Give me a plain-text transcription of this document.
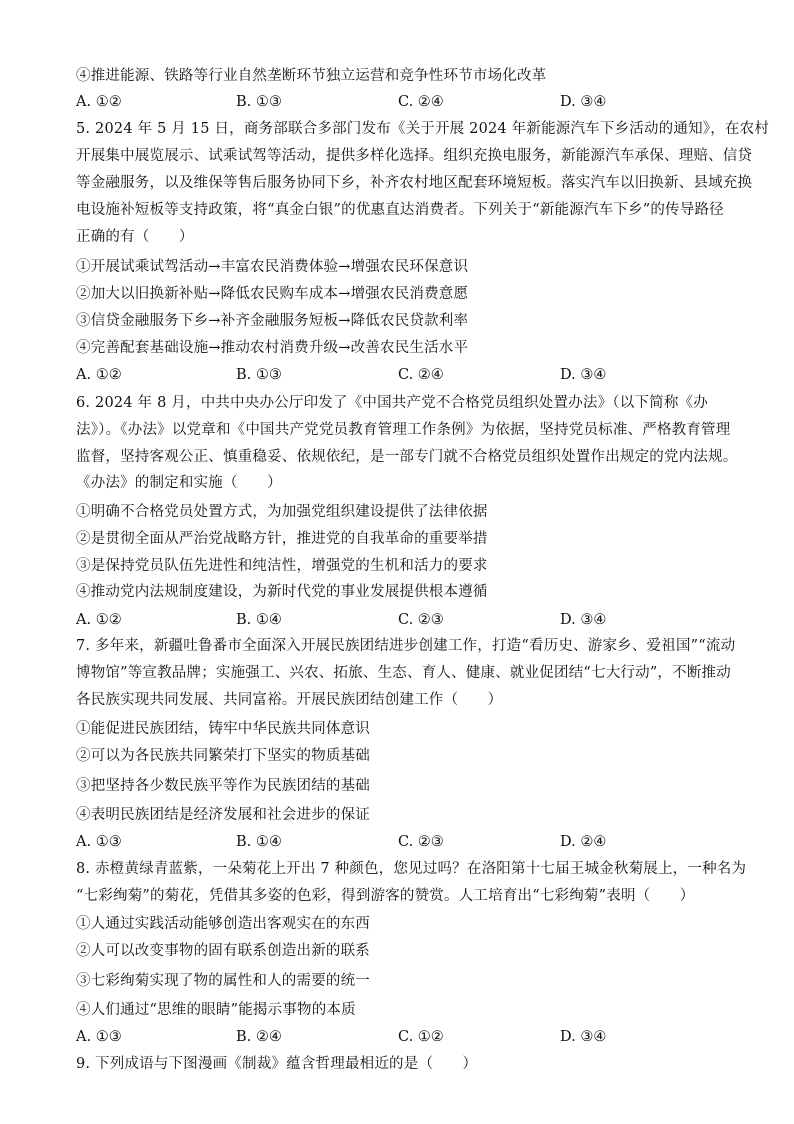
④推进能源、铁路等行业自然垄断环节独立运营和竞争性环节市场化改革
A. ①②	B. ①③	C. ②④	D. ③④
5. 2024 年 5 月 15 日，商务部联合多部门发布《关于开展 2024 年新能源汽车下乡活动的通知》，在农村
开展集中展览展示、试乘试驾等活动，提供多样化选择。组织充换电服务，新能源汽车承保、理赔、信贷
等金融服务，以及维保等售后服务协同下乡，补齐农村地区配套环境短板。落实汽车以旧换新、县域充换
电设施补短板等支持政策，将“真金白银”的优惠直达消费者。下列关于“新能源汽车下乡”的传导路径
正确的有（　　）
①开展试乘试驾活动→丰富农民消费体验→增强农民环保意识
②加大以旧换新补贴→降低农民购车成本→增强农民消费意愿
③信贷金融服务下乡→补齐金融服务短板→降低农民贷款利率
④完善配套基础设施→推动农村消费升级→改善农民生活水平
A. ①②	B. ①③	C. ②④	D. ③④
6. 2024 年 8 月，中共中央办公厅印发了《中国共产党不合格党员组织处置办法》（以下简称《办
法》）。《办法》以党章和《中国共产党党员教育管理工作条例》为依据，坚持党员标准、严格教育管理
监督，坚持客观公正、慎重稳妥、依规依纪，是一部专门就不合格党员组织处置作出规定的党内法规。
《办法》的制定和实施（　　）
①明确不合格党员处置方式，为加强党组织建设提供了法律依据
②是贯彻全面从严治党战略方针，推进党的自我革命的重要举措
③是保持党员队伍先进性和纯洁性，增强党的生机和活力的要求
④推动党内法规制度建设，为新时代党的事业发展提供根本遵循
A. ①②	B. ①④	C. ②③	D. ③④
7. 多年来，新疆吐鲁番市全面深入开展民族团结进步创建工作，打造“看历史、游家乡、爱祖国”“流动
博物馆”等宣教品牌；实施强工、兴农、拓旅、生态、育人、健康、就业促团结“七大行动”，不断推动
各民族实现共同发展、共同富裕。开展民族团结创建工作（　　）
①能促进民族团结，铸牢中华民族共同体意识
②可以为各民族共同繁荣打下坚实的物质基础
③把坚持各少数民族平等作为民族团结的基础
④表明民族团结是经济发展和社会进步的保证
A. ①③	B. ①④	C. ②③	D. ②④
8. 赤橙黄绿青蓝紫，一朵菊花上开出 7 种颜色，您见过吗？在洛阳第十七届王城金秋菊展上，一种名为
“七彩绚菊”的菊花，凭借其多姿的色彩，得到游客的赞赏。人工培育出“七彩绚菊”表明（　　）
①人通过实践活动能够创造出客观实在的东西
②人可以改变事物的固有联系创造出新的联系
③七彩绚菊实现了物的属性和人的需要的统一
④人们通过“思维的眼睛”能揭示事物的本质
A. ①③	B. ②④	C. ①②	D. ③④
9. 下列成语与下图漫画《制裁》蕴含哲理最相近的是（　　）
